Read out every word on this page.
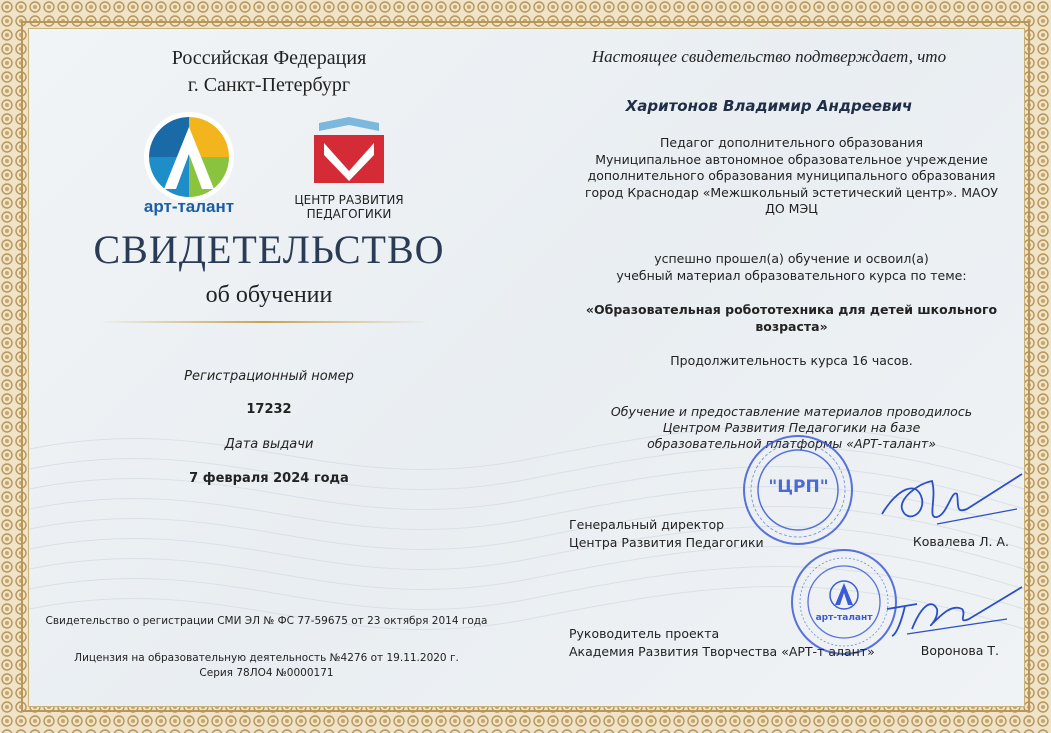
Российская Федерация
г. Санкт-Петербург
арт-талант	ЦЕНТР РАЗВИТИЯ
ПЕДАГОГИКИ
СВИДЕТЕЛЬСТВО
об обучении
Регистрационный номер
17232
Дата выдачи
7 февраля 2024 года
Свидетельство о регистрации СМИ ЭЛ № ФС 77-59675 от 23 октября 2014 года
Лицензия на образовательную деятельность №4276 от 19.11.2020 г.
Серия 78ЛО4 №0000171
Настоящее свидетельство подтверждает, что
Харитонов Владимир Андреевич
Педагог дополнительного образования
Муниципальное автономное образовательное учреждение
дополнительного образования муниципального образования
город Краснодар «Межшкольный эстетический центр». МАОУ
ДО МЭЦ
успешно прошел(а) обучение и освоил(а)
учебный материал образовательного курса по теме:
«Образовательная робототехника для детей школьного
возраста»
Продолжительность курса 16 часов.
Обучение и предоставление материалов проводилось
Центром Развития Педагогики на базе
образовательной платформы «АРТ-талант»
"ЦРП"
Генеральный директор
Центра Развития Педагогики	Ковалева Л. А.
арт-талант
Руководитель проекта
Академия Развития Творчества «АРТ-т алант»	Воронова Т.
